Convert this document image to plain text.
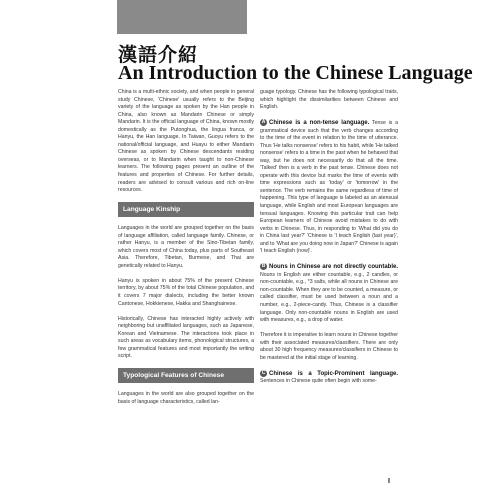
漢語介紹
An Introduction to the Chinese Language

China is a multi-ethnic society, and when people in general study Chinese, 'Chinese' usually refers to the Beijing variety of the language as spoken by the Han people in China, also known as Mandarin Chinese or simply Mandarin. It is the official language of China, known mostly domestically as the Putonghua, the lingua franca, or Hanyu, the Han language. In Taiwan, Guoyu refers to the national/official language, and Huayu to either Mandarin Chinese as spoken by Chinese descendants residing overseas, or to Mandarin when taught to non-Chinese learners. The following pages present an outline of the features and properties of Chinese. For further details, readers are advised to consult various and rich on-line resources.

Language Kinship

Languages in the world are grouped together on the basis of language affiliation, called language family. Chinese, or rather Hanyu, is a member of the Sino-Tibetan family, which covers most of China today, plus parts of Southeast Asia. Therefore, Tibetan, Burmese, and Thai are genetically related to Hanyu.

Hanyu is spoken in about 75% of the present Chinese territory, by about 75% of the total Chinese population, and it covers 7 major dialects, including the better known Cantonese, Hokkienese, Hakka and Shanghainese.

Historically, Chinese has interacted highly actively with neighboring but unaffiliated languages, such as Japanese, Korean and Vietnamese. The interactions took place in such areas as vocabulary items, phonological structures, a few grammatical features and most importantly the writing script.

Typological Features of Chinese

Languages in the world are also grouped together on the basis of language characteristics, called lan-

guage typology. Chinese has the following typological traits, which highlight the dissimilarities between Chinese and English.

A Chinese is a non-tense language. Tense is a grammatical device such that the verb changes according to the time of the event in relation to the time of utterance. Thus 'He talks nonsense' refers to his habit, while 'He talked nonsense' refers to a time in the past when he behaved that way, but he does not necessarily do that all the time. 'Talked' then is a verb in the past tense. Chinese does not operate with this device but marks the time of events with time expressions such as 'today' or 'tomorrow' in the sentence. The verb remains the same regardless of time of happening. This type of language is labeled as an atensual language, while English and most European languages are tensual languages. Knowing this particular trait can help European learners of Chinese avoid mistakes to do with verbs in Chinese. Thus, in responding to 'What did you do in China last year?' 'Chinese is 'I teach English (last year)', and to 'What are you doing now in Japan?' Chinese is again 'I teach English (now)'.

B Nouns in Chinese are not directly countable. Nouns in English are either countable, e.g., 2 candles, or non-countable, e.g., *3 salts, while all nouns in Chinese are non-countable. When they are to be counted, a measure, or called classifier, must be used between a noun and a number, e.g., 2-piece-candy. Thus, Chinese is a classifier language. Only non-countable nouns in English are used with measures, e.g., a drop of water.

Therefore it is imperative to learn nouns in Chinese together with their associated measures/classifiers. There are only about 30 high frequency measures/classifiers in Chinese to be mastered at the initial stage of learning.

C Chinese is a Topic-Prominent language. Sentences in Chinese quite often begin with some-

I
